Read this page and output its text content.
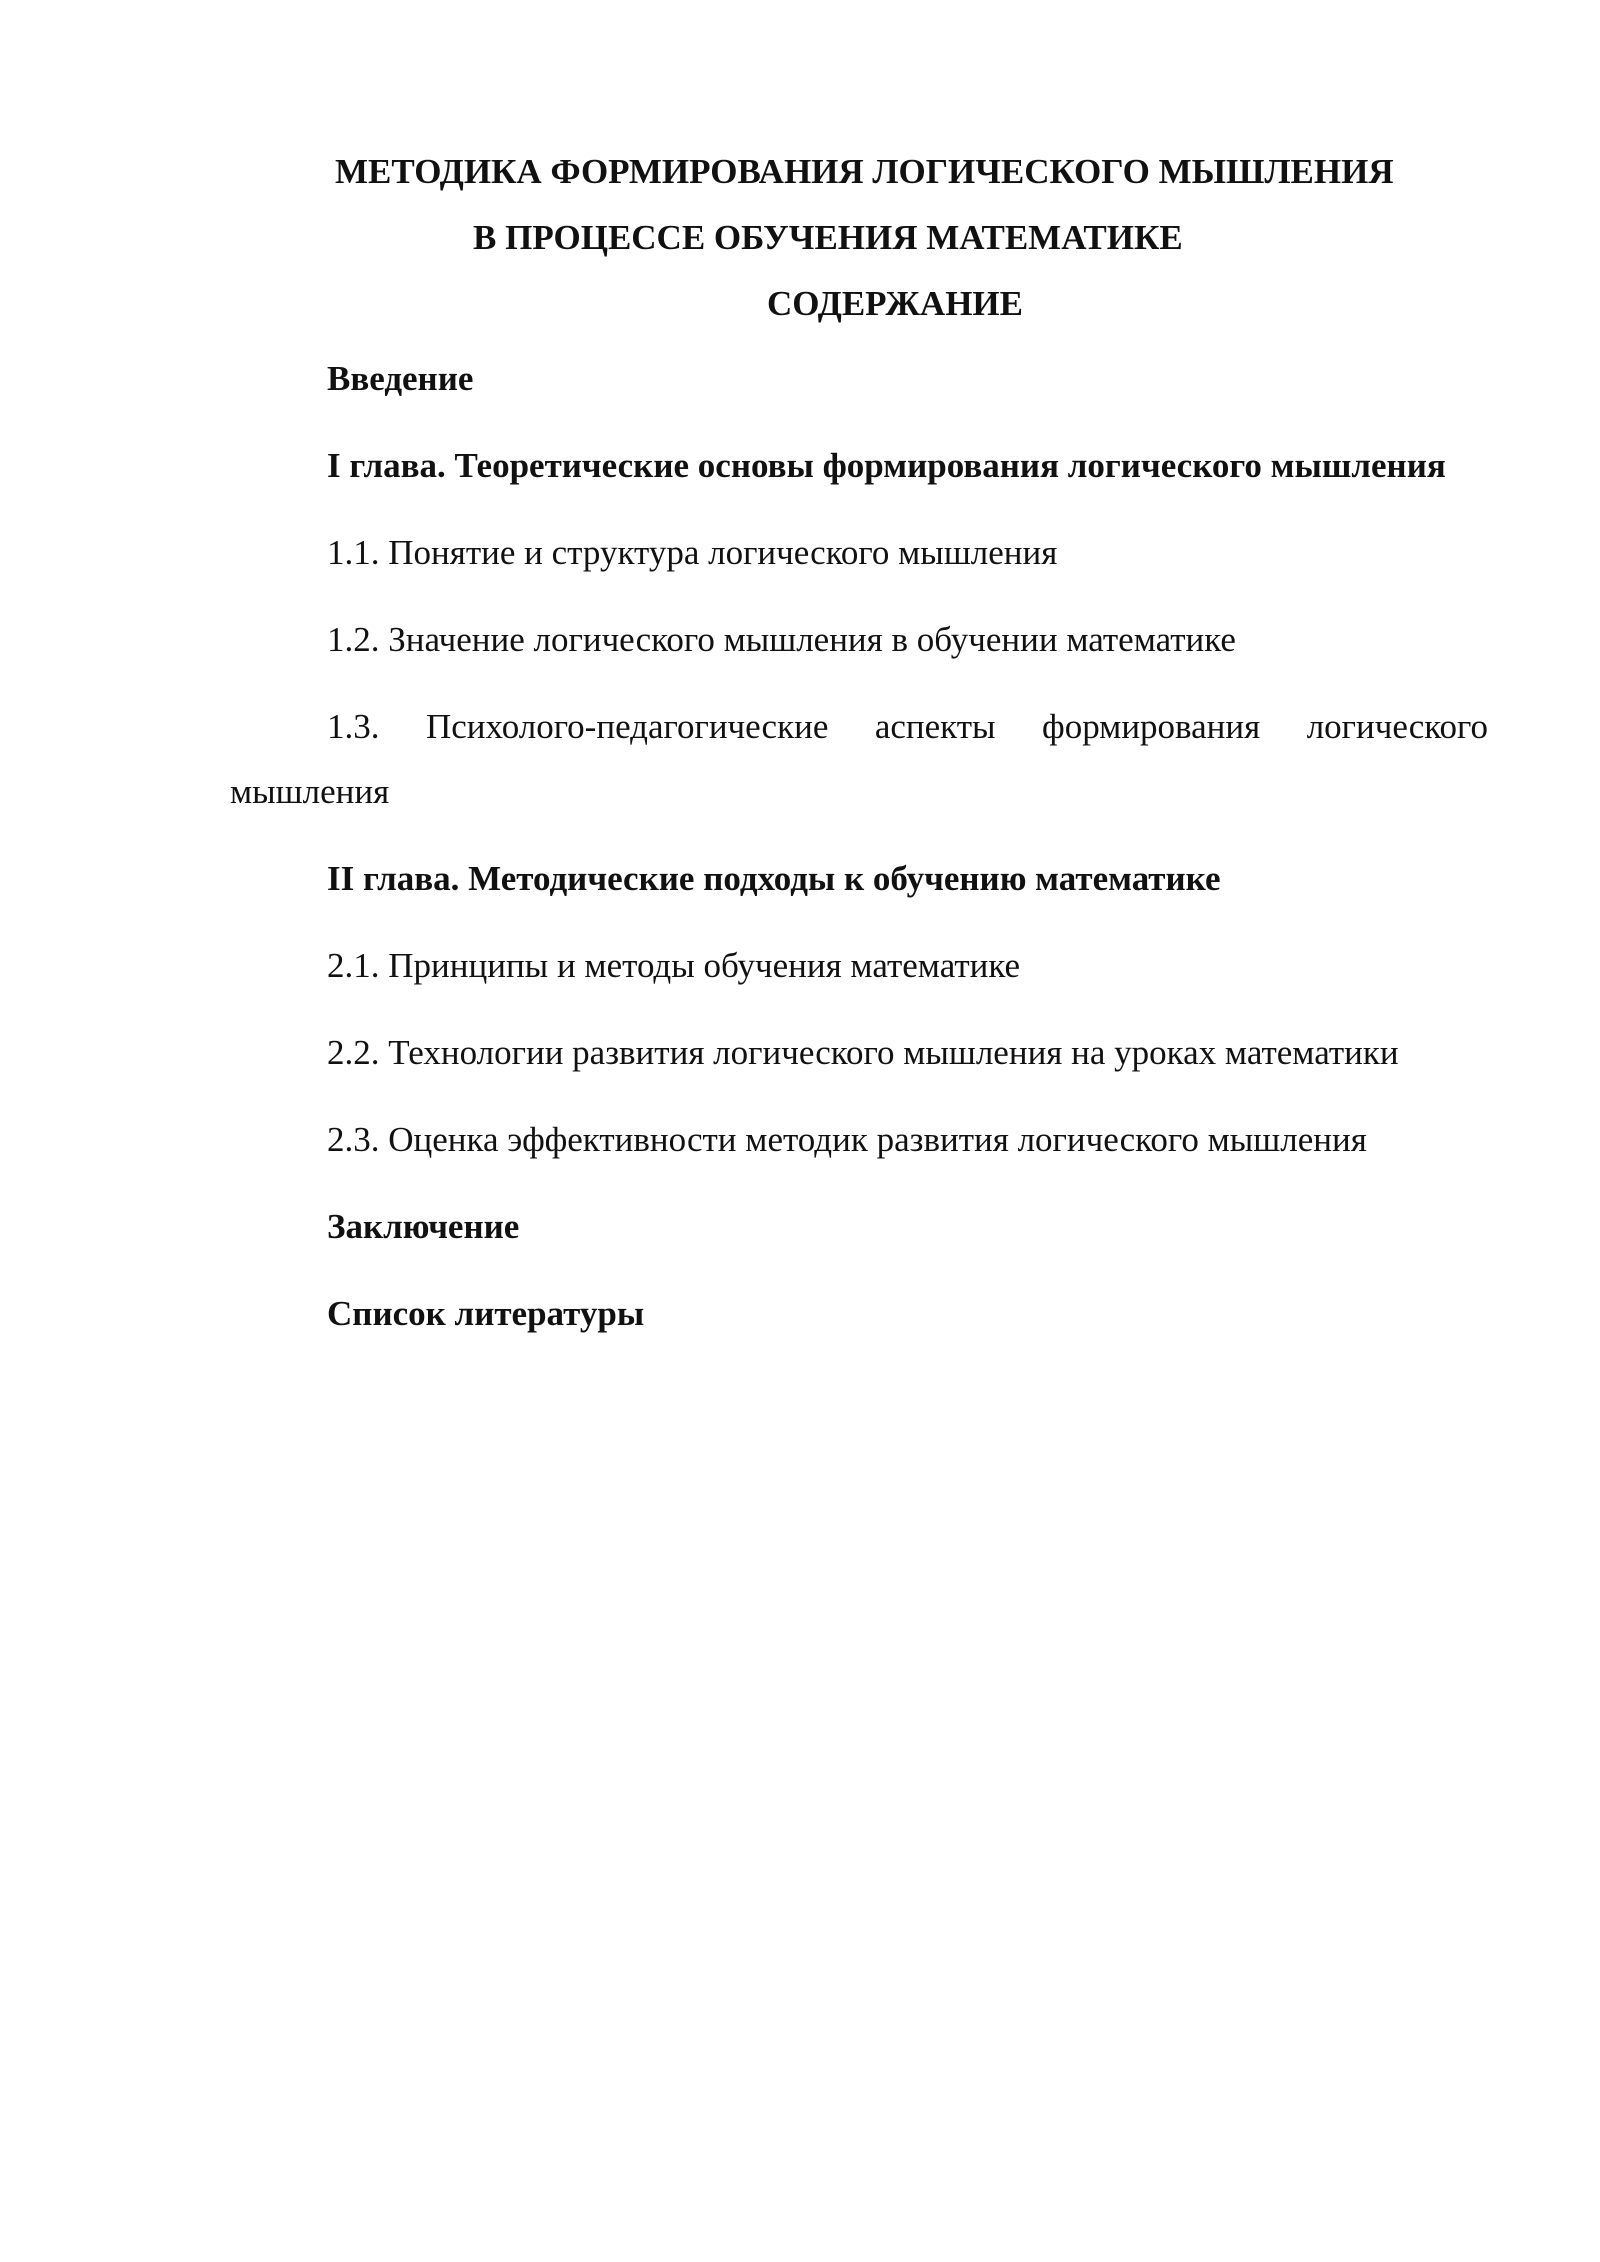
МЕТОДИКА ФОРМИРОВАНИЯ ЛОГИЧЕСКОГО МЫШЛЕНИЯ
В ПРОЦЕССЕ ОБУЧЕНИЯ МАТЕМАТИКЕ
СОДЕРЖАНИЕ

Введение

I глава. Теоретические основы формирования логического мышления

1.1. Понятие и структура логического мышления

1.2. Значение логического мышления в обучении математике

1.3. Психолого-педагогические аспекты формирования логического мышления

II глава. Методические подходы к обучению математике

2.1. Принципы и методы обучения математике

2.2. Технологии развития логического мышления на уроках математики

2.3. Оценка эффективности методик развития логического мышления

Заключение

Список литературы
